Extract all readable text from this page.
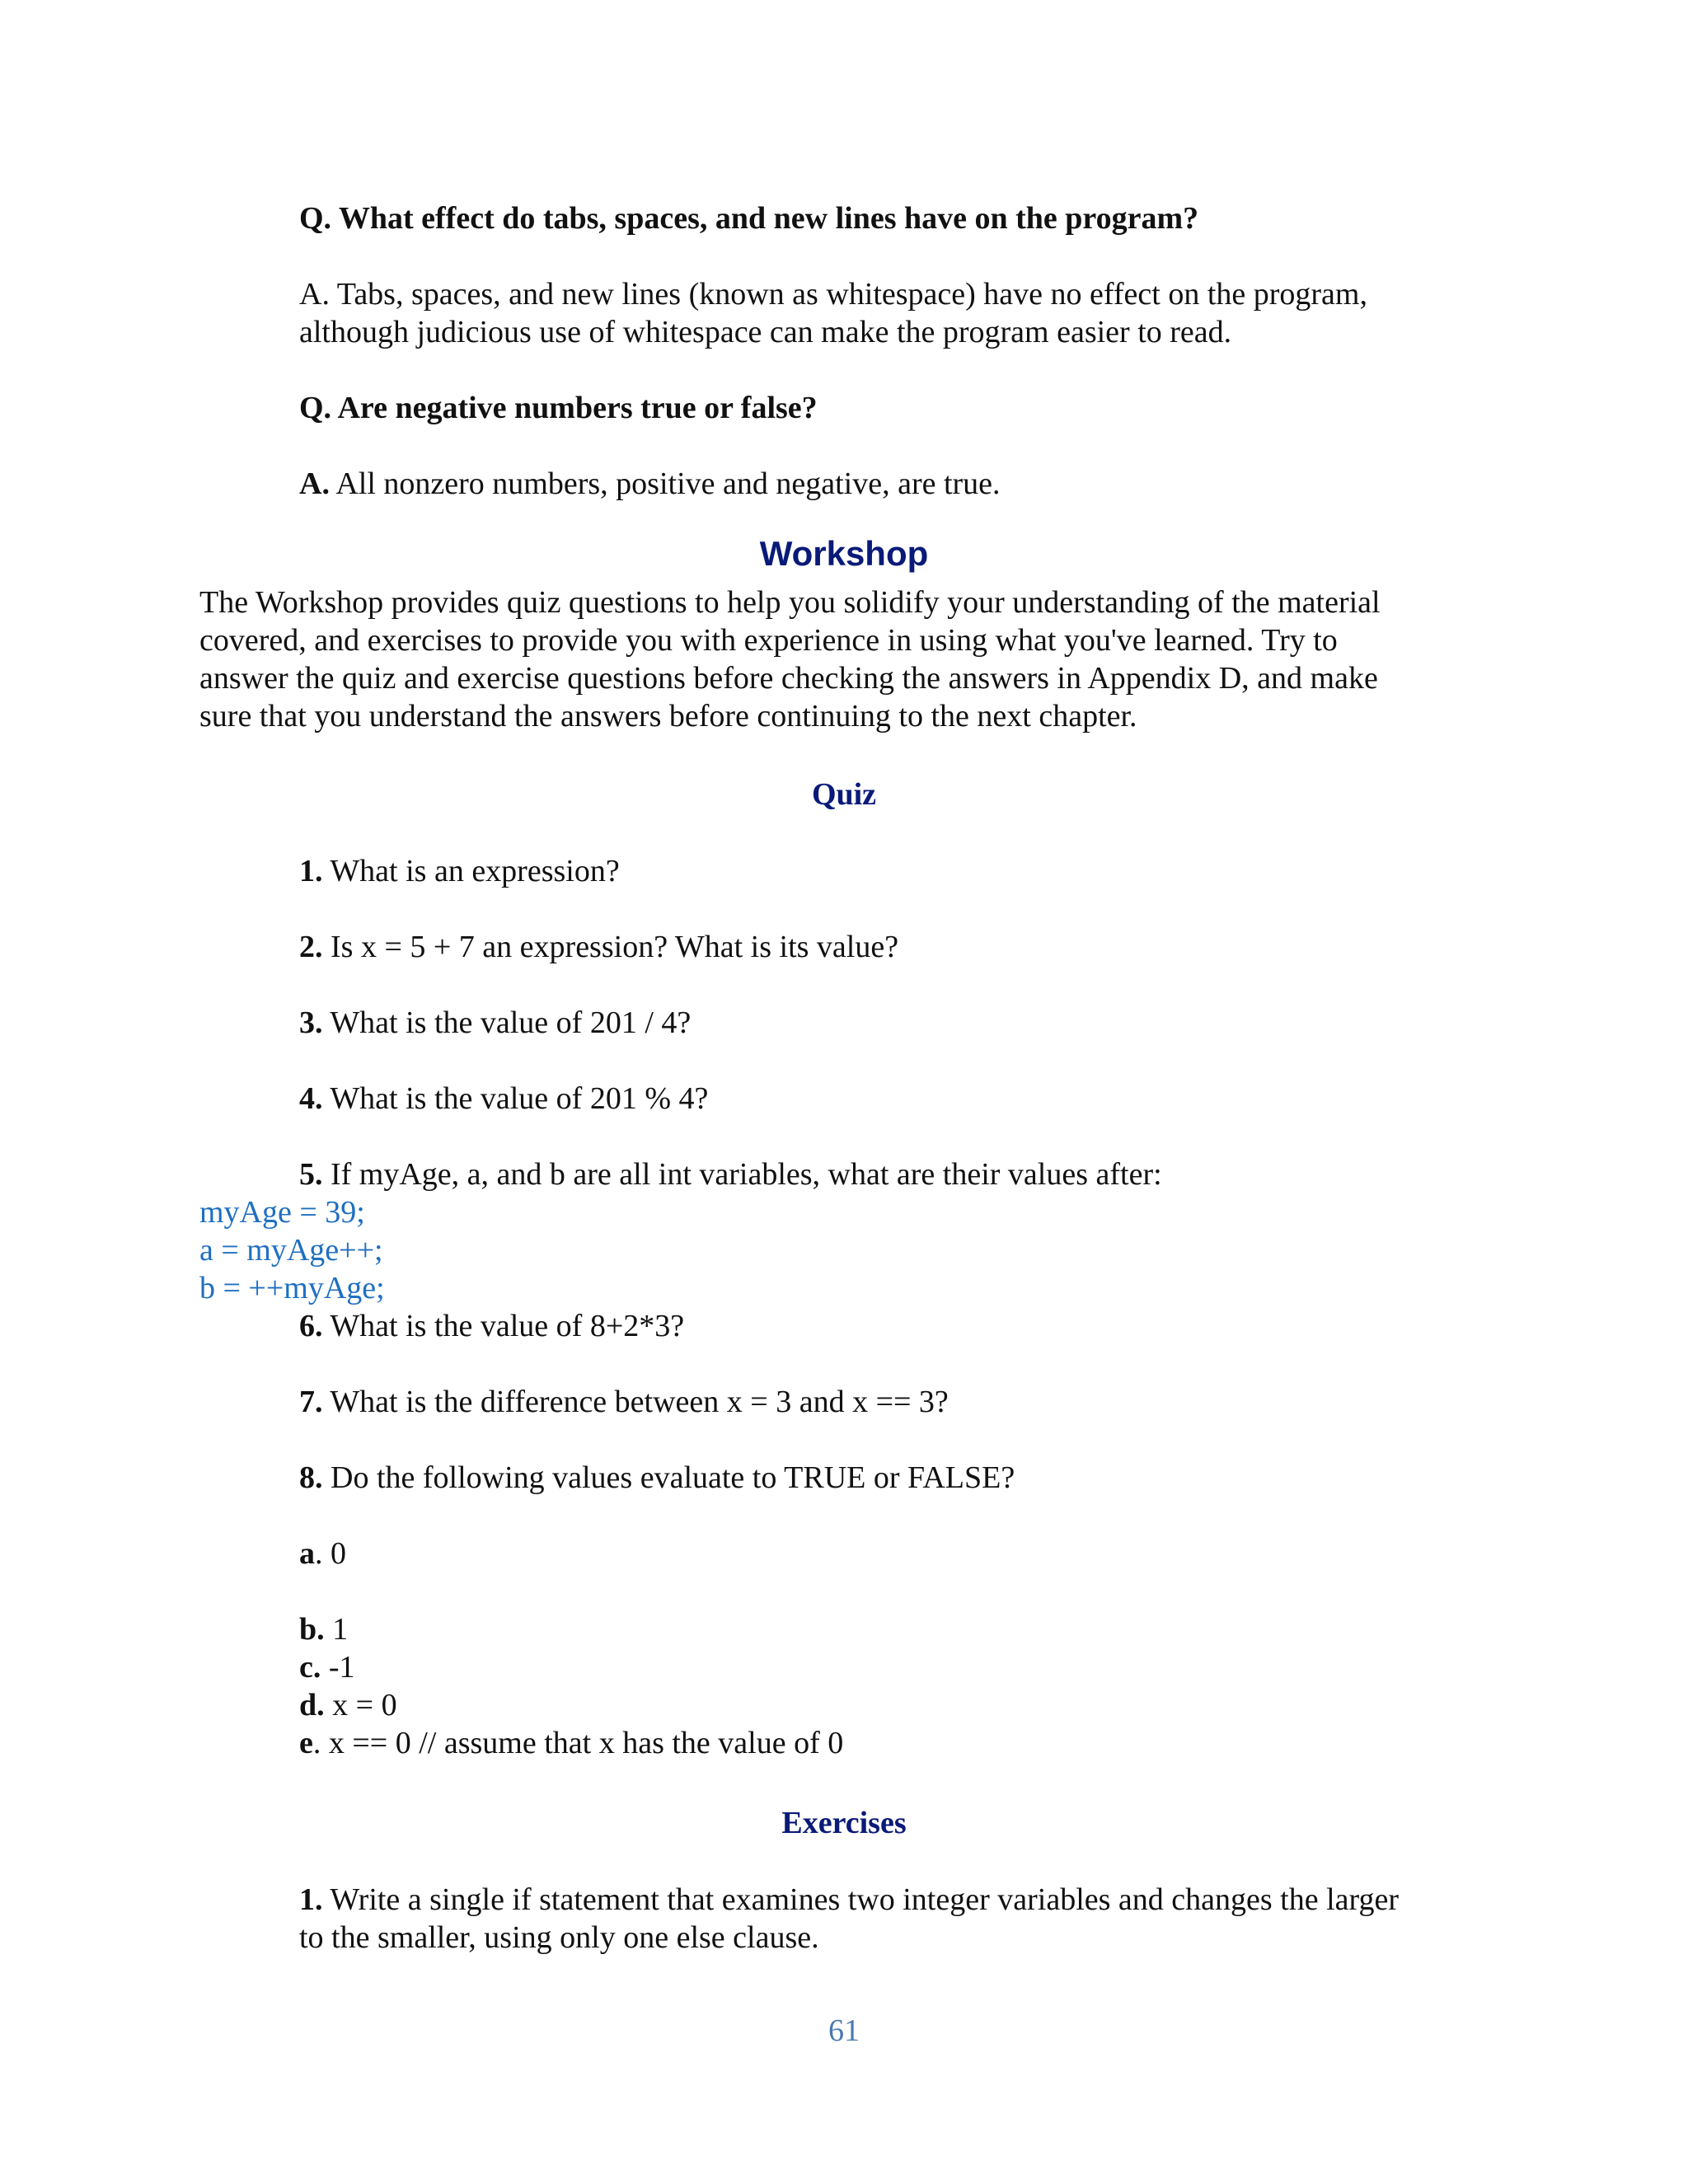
Q. What effect do tabs, spaces, and new lines have on the program?
A. Tabs, spaces, and new lines (known as whitespace) have no effect on the program,
although judicious use of whitespace can make the program easier to read.
Q. Are negative numbers true or false?
A. All nonzero numbers, positive and negative, are true.
Workshop
The Workshop provides quiz questions to help you solidify your understanding of the material
covered, and exercises to provide you with experience in using what you've learned. Try to
answer the quiz and exercise questions before checking the answers in Appendix D, and make
sure that you understand the answers before continuing to the next chapter.
Quiz
1. What is an expression?
2. Is x = 5 + 7 an expression? What is its value?
3. What is the value of 201 / 4?
4. What is the value of 201 % 4?
5. If myAge, a, and b are all int variables, what are their values after:
myAge = 39;
a = myAge++;
b = ++myAge;
6. What is the value of 8+2*3?
7. What is the difference between x = 3 and x == 3?
8. Do the following values evaluate to TRUE or FALSE?
a. 0
b. 1
c. -1
d. x = 0
e. x == 0 // assume that x has the value of 0
Exercises
1. Write a single if statement that examines two integer variables and changes the larger
to the smaller, using only one else clause.
61
